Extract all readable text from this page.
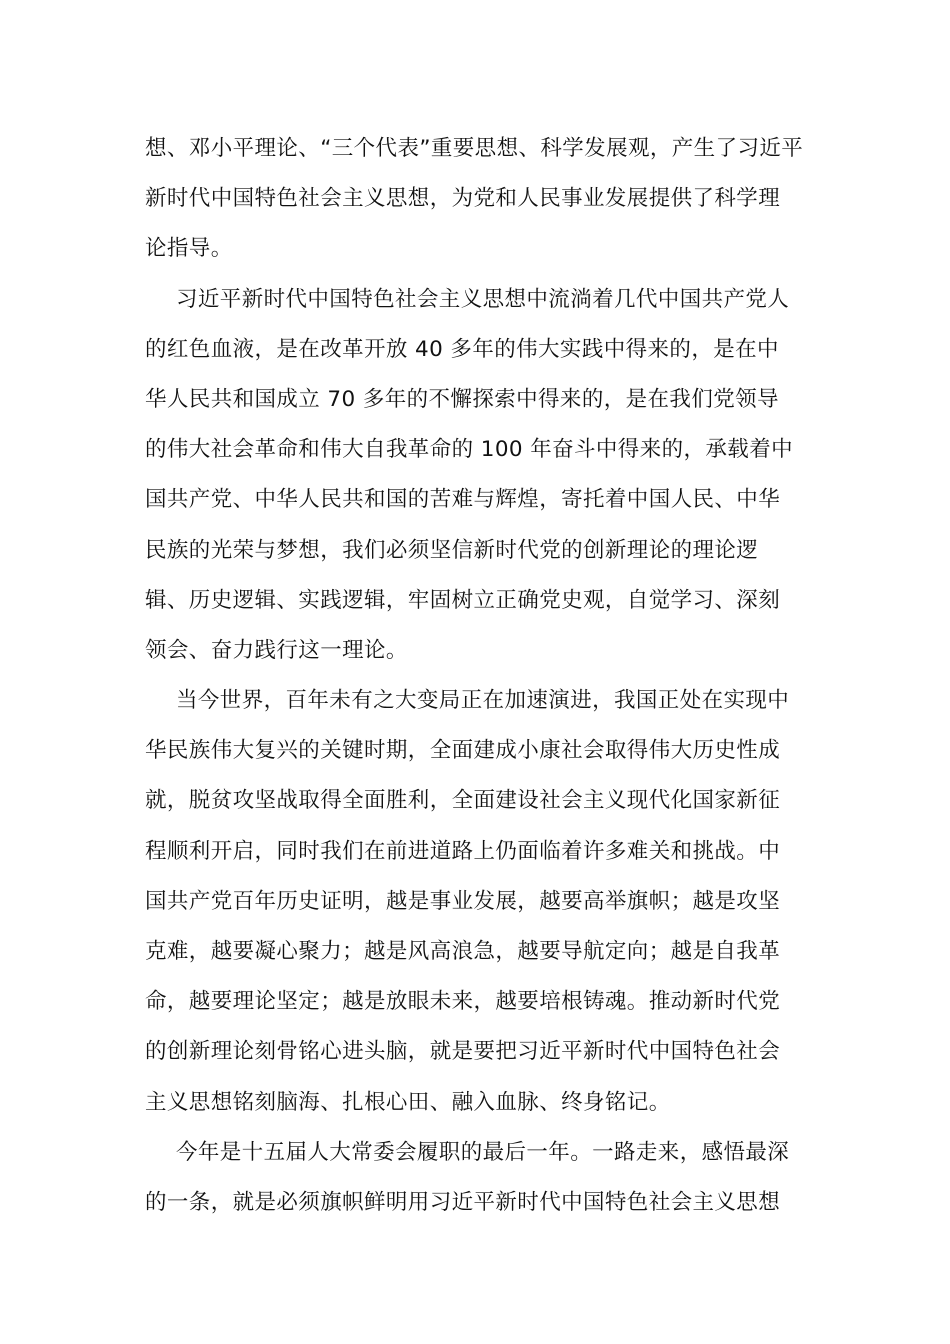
想、邓小平理论、“三个代表”重要思想、科学发展观，产生了习近平
新时代中国特色社会主义思想，为党和人民事业发展提供了科学理
论指导。
习近平新时代中国特色社会主义思想中流淌着几代中国共产党人
的红色血液，是在改革开放 40 多年的伟大实践中得来的，是在中
华人民共和国成立 70 多年的不懈探索中得来的，是在我们党领导
的伟大社会革命和伟大自我革命的 100 年奋斗中得来的，承载着中
国共产党、中华人民共和国的苦难与辉煌，寄托着中国人民、中华
民族的光荣与梦想，我们必须坚信新时代党的创新理论的理论逻
辑、历史逻辑、实践逻辑，牢固树立正确党史观，自觉学习、深刻
领会、奋力践行这一理论。
当今世界，百年未有之大变局正在加速演进，我国正处在实现中
华民族伟大复兴的关键时期，全面建成小康社会取得伟大历史性成
就，脱贫攻坚战取得全面胜利，全面建设社会主义现代化国家新征
程顺利开启，同时我们在前进道路上仍面临着许多难关和挑战。中
国共产党百年历史证明，越是事业发展，越要高举旗帜；越是攻坚
克难，越要凝心聚力；越是风高浪急，越要导航定向；越是自我革
命，越要理论坚定；越是放眼未来，越要培根铸魂。推动新时代党
的创新理论刻骨铭心进头脑，就是要把习近平新时代中国特色社会
主义思想铭刻脑海、扎根心田、融入血脉、终身铭记。
今年是十五届人大常委会履职的最后一年。一路走来，感悟最深
的一条，就是必须旗帜鲜明用习近平新时代中国特色社会主义思想
